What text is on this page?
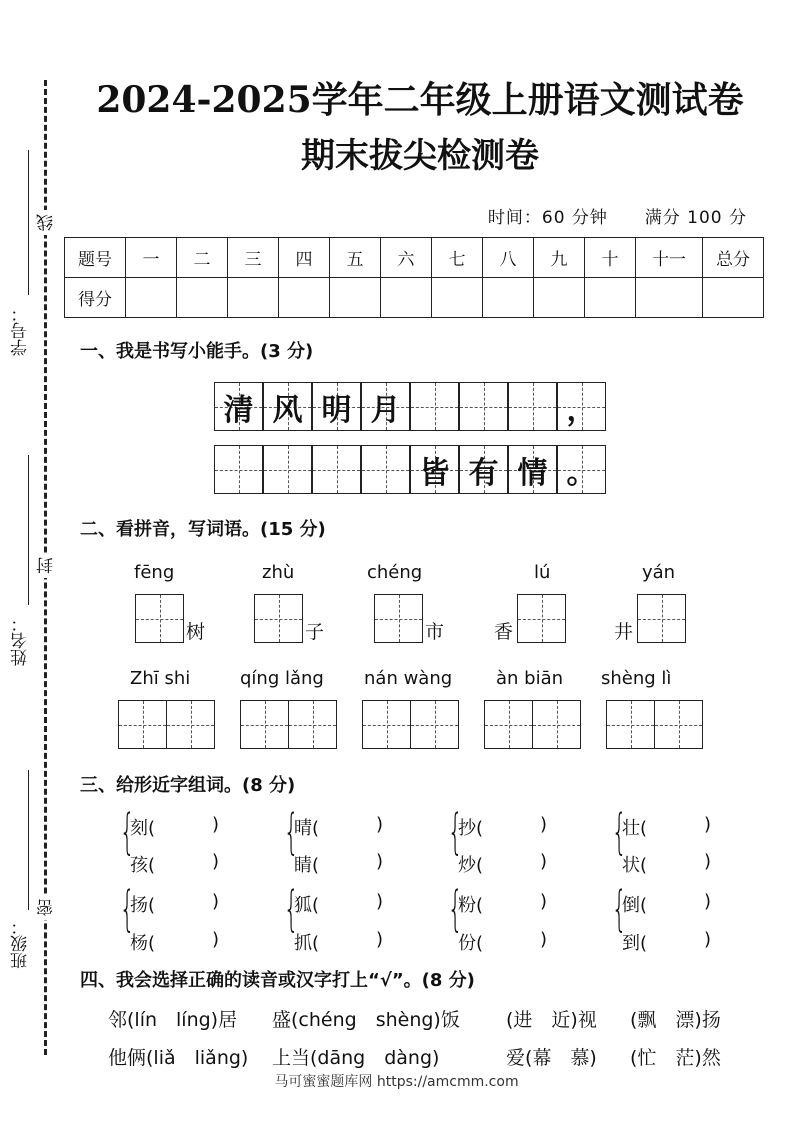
学号：
线
姓名：
封
班级：
密
2024-2025学年二年级上册语文测试卷
期末拔尖检测卷
时间：60 分钟 满分 100 分
题号	一	二	三	四	五	六	七	八	九	十	十一	总分
得分												
一、我是书写小能手。(3 分)
清 风 明 月	，
皆 有 情 。
二、看拼音，写词语。(15 分)
fēng
树
zhù
子
chéng
市
lú
香
yán
井
Zhī shi	qíng lǎng nán wàng àn biān shèng lì
三、给形近字组词。(8 分)
{
刻(	)
孩(	)
{
晴(	)
睛(	)
{
抄(	)
炒(	)
{
壮(	)
状(	)
{
扬(	)
杨(	)
{
狐(	)
抓(	)
{
粉(	)
份(	)
{
倒(	)
到(	)
四、我会选择正确的读音或汉字打上“√”。(8 分)
邻(lín　líng)居 盛(chéng　shèng)饭 (进　近)视 (飘　漂)扬
他俩(liǎ　liǎng) 上当(dāng　dàng)	爱(幕　慕) (忙　茫)然
马可蜜蜜题库网 https://amcmm.com
